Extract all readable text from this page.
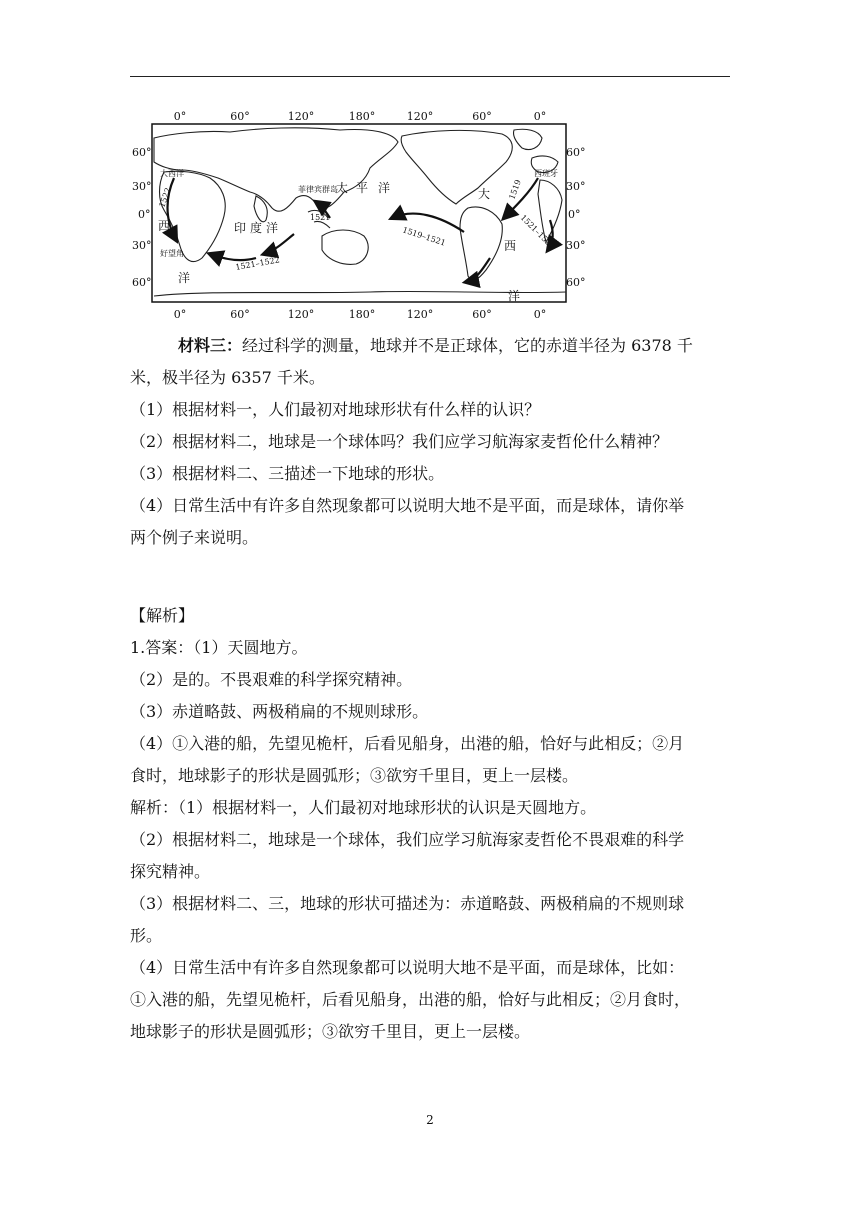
0°	60°	120°	180°	120°	60°	0°
0°	60°	120°	180°	120°	60°	0°
60°
30°
0°
30°
60°
60°
30°
0°
30°
60°
大西洋	西班牙
菲律宾群岛
好望角
印 度 洋
太 平 洋	大
西
洋
西
洋
1522
1521
1521–1522
1519–1521
1519
1521–1522
材料三：经过科学的测量，地球并不是正球体，它的赤道半径为 6378 千
米，极半径为 6357 千米。
（1）根据材料一，人们最初对地球形状有什么样的认识？
（2）根据材料二，地球是一个球体吗？我们应学习航海家麦哲伦什么精神？
（3）根据材料二、三描述一下地球的形状。
（4）日常生活中有许多自然现象都可以说明大地不是平面，而是球体，请你举
两个例子来说明。
【解析】
1.答案：（1）天圆地方。
（2）是的。不畏艰难的科学探究精神。
（3）赤道略鼓、两极稍扁的不规则球形。
（4）①入港的船，先望见桅杆，后看见船身，出港的船，恰好与此相反；②月
食时，地球影子的形状是圆弧形；③欲穷千里目，更上一层楼。
解析：（1）根据材料一，人们最初对地球形状的认识是天圆地方。
（2）根据材料二，地球是一个球体，我们应学习航海家麦哲伦不畏艰难的科学
探究精神。
（3）根据材料二、三，地球的形状可描述为：赤道略鼓、两极稍扁的不规则球
形。
（4）日常生活中有许多自然现象都可以说明大地不是平面，而是球体，比如：
①入港的船，先望见桅杆，后看见船身，出港的船，恰好与此相反；②月食时，
地球影子的形状是圆弧形；③欲穷千里目，更上一层楼。
2
